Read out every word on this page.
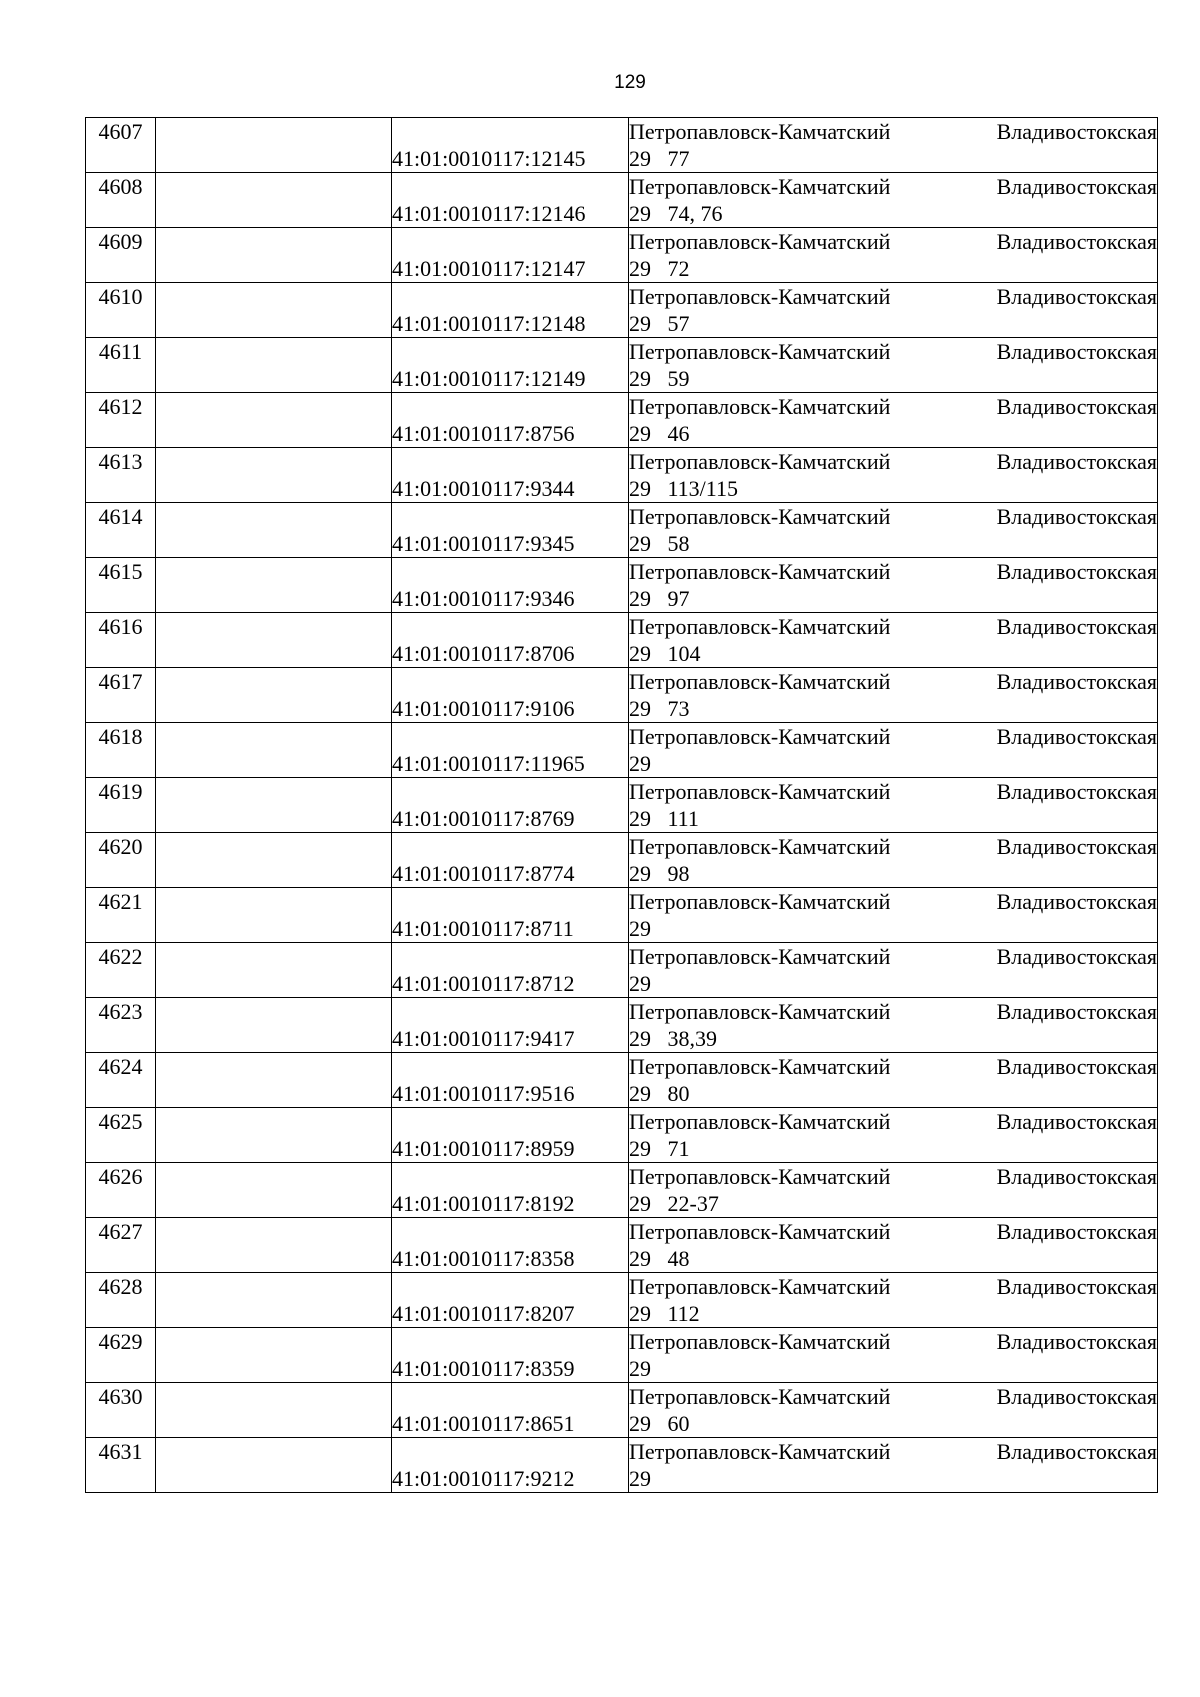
129
4607		41:01:0010117:12145	Петропавловск-Камчатский Владивостокская
29 77

4608		41:01:0010117:12146	Петропавловск-Камчатский Владивостокская
29 74, 76

4609		41:01:0010117:12147	Петропавловск-Камчатский Владивостокская
29 72

4610		41:01:0010117:12148	Петропавловск-Камчатский Владивостокская
29 57

4611		41:01:0010117:12149	Петропавловск-Камчатский Владивостокская
29 59

4612		41:01:0010117:8756	Петропавловск-Камчатский Владивостокская
29 46

4613		41:01:0010117:9344	Петропавловск-Камчатский Владивостокская
29 113/115

4614		41:01:0010117:9345	Петропавловск-Камчатский Владивостокская
29 58

4615		41:01:0010117:9346	Петропавловск-Камчатский Владивостокская
29 97

4616		41:01:0010117:8706	Петропавловск-Камчатский Владивостокская
29 104

4617		41:01:0010117:9106	Петропавловск-Камчатский Владивостокская
29 73

4618		41:01:0010117:11965	Петропавловск-Камчатский Владивостокская
29

4619		41:01:0010117:8769	Петропавловск-Камчатский Владивостокская
29 111

4620		41:01:0010117:8774	Петропавловск-Камчатский Владивостокская
29 98

4621		41:01:0010117:8711	Петропавловск-Камчатский Владивостокская
29

4622		41:01:0010117:8712	Петропавловск-Камчатский Владивостокская
29

4623		41:01:0010117:9417	Петропавловск-Камчатский Владивостокская
29 38,39

4624		41:01:0010117:9516	Петропавловск-Камчатский Владивостокская
29 80

4625		41:01:0010117:8959	Петропавловск-Камчатский Владивостокская
29 71

4626		41:01:0010117:8192	Петропавловск-Камчатский Владивостокская
29 22-37

4627		41:01:0010117:8358	Петропавловск-Камчатский Владивостокская
29 48

4628		41:01:0010117:8207	Петропавловск-Камчатский Владивостокская
29 112

4629		41:01:0010117:8359	Петропавловск-Камчатский Владивостокская
29

4630		41:01:0010117:8651	Петропавловск-Камчатский Владивостокская
29 60

4631		41:01:0010117:9212	Петропавловск-Камчатский Владивостокская
29
